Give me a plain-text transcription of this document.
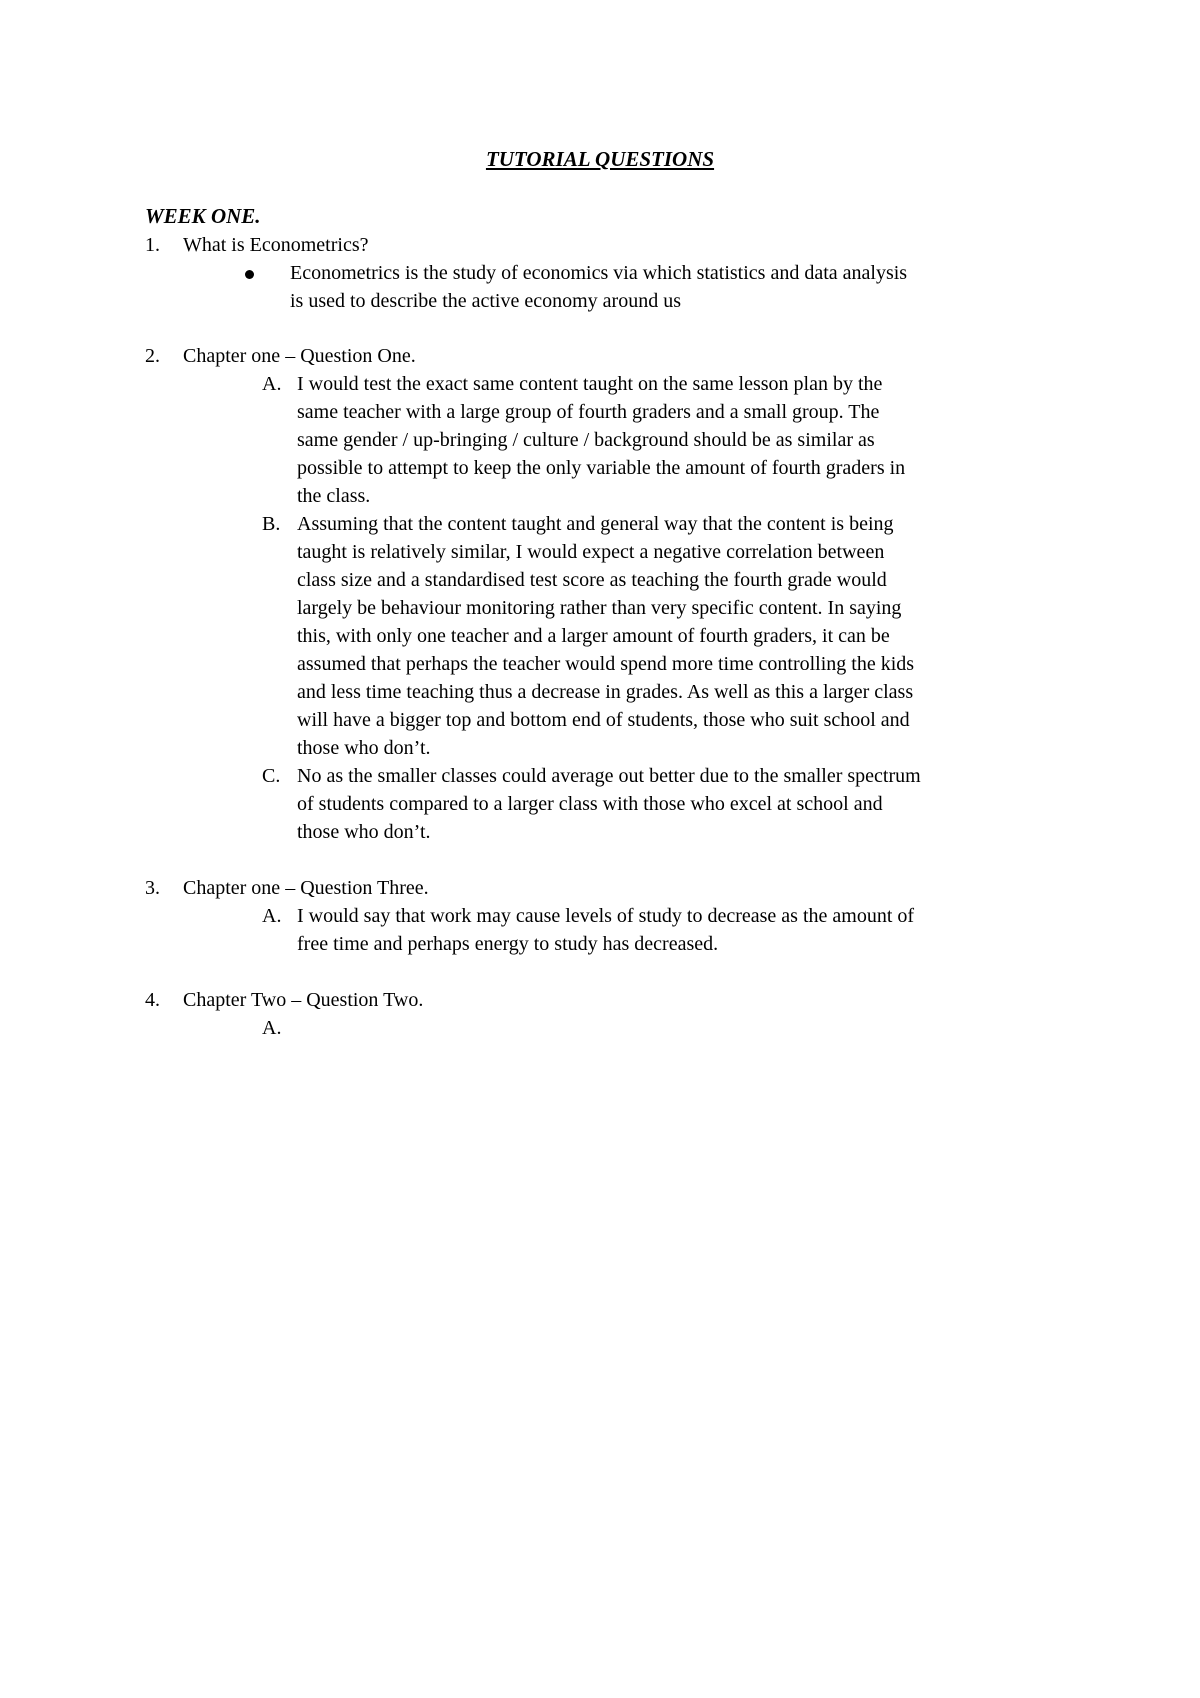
TUTORIAL QUESTIONS
WEEK ONE.
1. What is Econometrics?
Econometrics is the study of economics via which statistics and data analysis
is used to describe the active economy around us
2. Chapter one – Question One.
A. I would test the exact same content taught on the same lesson plan by the
same teacher with a large group of fourth graders and a small group. The
same gender / up-bringing / culture / background should be as similar as
possible to attempt to keep the only variable the amount of fourth graders in
the class.
B. Assuming that the content taught and general way that the content is being
taught is relatively similar, I would expect a negative correlation between
class size and a standardised test score as teaching the fourth grade would
largely be behaviour monitoring rather than very specific content. In saying
this, with only one teacher and a larger amount of fourth graders, it can be
assumed that perhaps the teacher would spend more time controlling the kids
and less time teaching thus a decrease in grades. As well as this a larger class
will have a bigger top and bottom end of students, those who suit school and
those who don’t.
C. No as the smaller classes could average out better due to the smaller spectrum
of students compared to a larger class with those who excel at school and
those who don’t.
3. Chapter one – Question Three.
A. I would say that work may cause levels of study to decrease as the amount of
free time and perhaps energy to study has decreased.
4. Chapter Two – Question Two.
A.
